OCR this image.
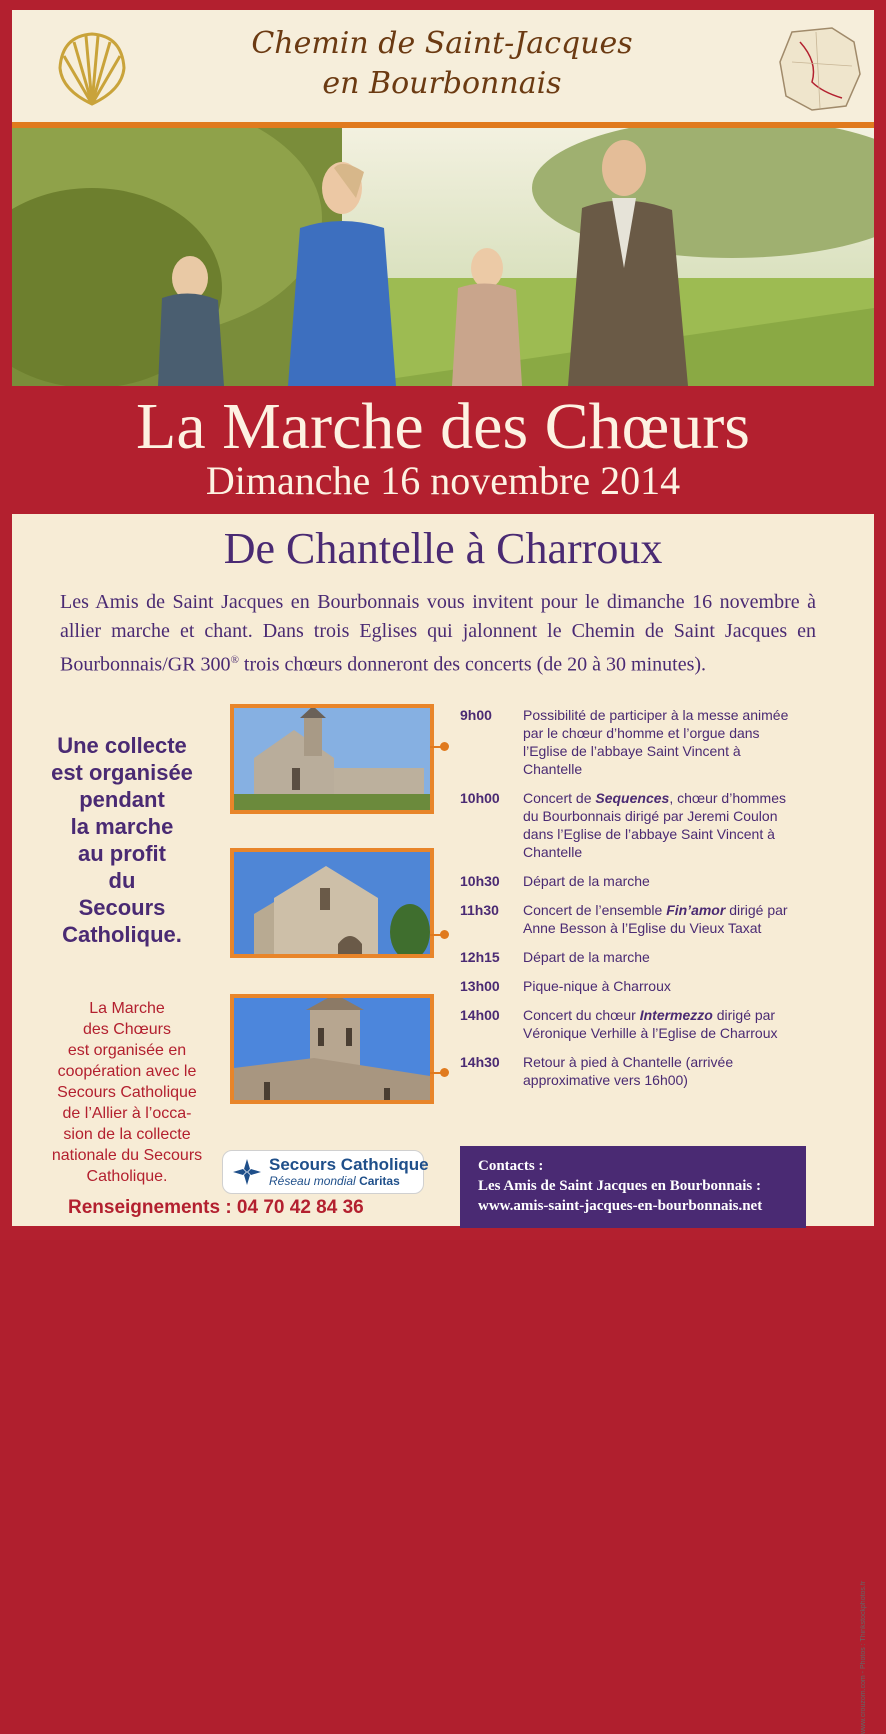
Chemin de Saint-Jacques
en Bourbonnais
La Marche des Chœurs
Dimanche 16 novembre 2014
De Chantelle à Charroux
Les Amis de Saint Jacques en Bourbonnais vous invitent pour le dimanche 16 novembre à allier marche et chant. Dans trois Eglises qui jalonnent le Chemin de Saint Jacques en Bourbonnais/GR 300® trois chœurs donneront des concerts (de 20 à 30 minutes).
Une collecte
est organisée
pendant
la marche
au profit
du
Secours
Catholique.
La Marche
des Chœurs
est organisée en
coopération avec le
Secours Catholique
de l’Allier à l’occa-
sion de la collecte
nationale du Secours
Catholique.
9h00	Possibilité de participer à la messe animée par le chœur d’homme et l’orgue dans l’Eglise de l’abbaye Saint Vincent à Chantelle
10h00	Concert de Sequences, chœur d’hommes du Bourbonnais dirigé par Jeremi Coulon dans l’Eglise de l’abbaye Saint Vincent à Chantelle
10h30	Départ de la marche
11h30	Concert de l’ensemble Fin’amor dirigé par Anne Besson à l’Eglise du Vieux Taxat
12h15	Départ de la marche
13h00	Pique-nique à Charroux
14h00	Concert du chœur Intermezzo dirigé par Véronique Verhille à l’Eglise de Charroux
14h30	Retour à pied à Chantelle (arrivée approximative vers 16h00)
Secours Catholique
Réseau mondial Caritas
Renseignements : 04 70 42 84 36
Contacts :
Les Amis de Saint Jacques en Bourbonnais :
www.amis-saint-jacques-en-bourbonnais.net
www.crouzom.com - Photos : Thinkstockphotos.fr
